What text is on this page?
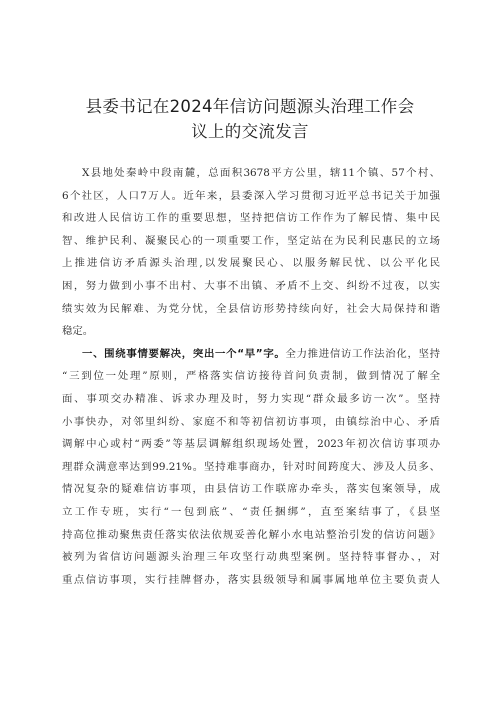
县委书记在2024年信访问题源头治理工作会
议上的交流发言
X县地处秦岭中段南麓，总面积3678平方公里，辖11个镇、57个村、
6个社区，人口7万人。近年来，县委深入学习贯彻习近平总书记关于加强
和改进人民信访工作的重要思想，坚持把信访工作作为了解民情、集中民
智、维护民利、凝聚民心的一项重要工作，坚定站在为民利民惠民的立场
上推进信访矛盾源头治理,以发展聚民心、以服务解民忧、以公平化民
困，努力做到小事不出村、大事不出镇、矛盾不上交、纠纷不过夜，以实
绩实效为民解难、为党分忧，全县信访形势持续向好，社会大局保持和谐
稳定。
一、围绕事情要解决，突出一个“早”字。全力推进信访工作法治化，坚持
“三到位一处理”原则，严格落实信访接待首问负责制，做到情况了解全
面、事项交办精准、诉求办理及时，努力实现“群众最多访一次”。坚持
小事快办，对邻里纠纷、家庭不和等初信初访事项，由镇综治中心、矛盾
调解中心或村“两委”等基层调解组织现场处置，2023年初次信访事项办
理群众满意率达到99.21%。坚持难事商办，针对时间跨度大、涉及人员多、
情况复杂的疑难信访事项，由县信访工作联席办牵头，落实包案领导，成
立工作专班，实行“一包到底”、“责任捆绑”，直至案结事了，《县坚
持高位推动聚焦责任落实依法依规妥善化解小水电站整治引发的信访问题》
被列为省信访问题源头治理三年攻坚行动典型案例。坚持特事督办、，对
重点信访事项，实行挂牌督办，落实县级领导和属事属地单位主要负责人
